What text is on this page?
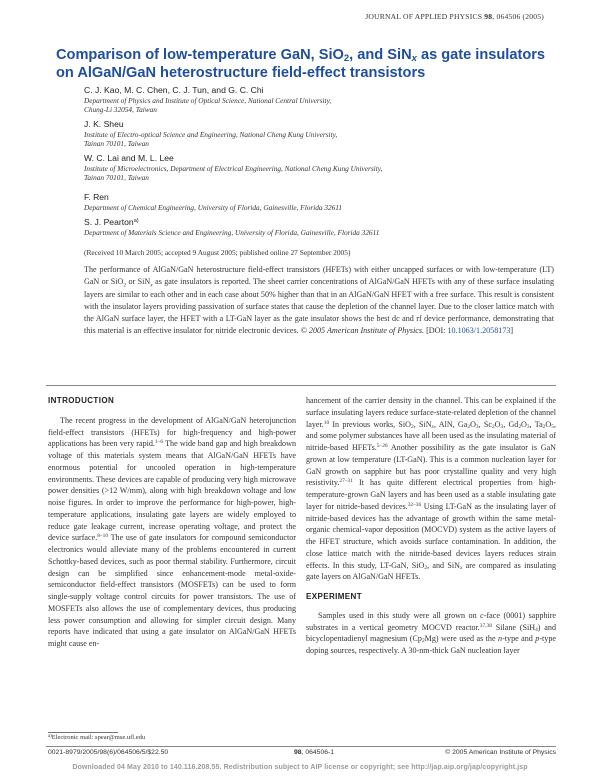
JOURNAL OF APPLIED PHYSICS 98, 064506 (2005)
Comparison of low-temperature GaN, SiO$_2$, and SiN$_x$ as gate insulators
on AlGaN/GaN heterostructure field-effect transistors
C. J. Kao, M. C. Chen, C. J. Tun, and G. C. Chi
Department of Physics and Institute of Optical Science, National Central University,
Chung-Li 32054, Taiwan
J. K. Sheu
Institute of Electro-optical Science and Engineering, National Cheng Kung University,
Tainan 70101, Taiwan
W. C. Lai and M. L. Lee
Institute of Microelectronics, Department of Electrical Engineering, National Cheng Kung University,
Tainan 70101, Taiwan
F. Ren
Department of Chemical Engineering, University of Florida, Gainesville, Florida 32611
S. J. Pearton$^{a)}$
Department of Materials Science and Engineering, University of Florida, Gainesville, Florida 32611
(Received 10 March 2005; accepted 9 August 2005; published online 27 September 2005)
The performance of AlGaN/GaN heterostructure field-effect transistors (HFETs) with either uncapped surfaces or with low-temperature (LT) GaN or SiO$_2$ or SiN$_x$ as gate insulators is reported. The sheet carrier concentrations of AlGaN/GaN HFETs with any of these surface insulating layers are similar to each other and in each case about 50% higher than that in an AlGaN/GaN HFET with a free surface. This result is consistent with the insulator layers providing passivation of surface states that cause the depletion of the channel layer. Due to the closer lattice match with the AlGaN surface layer, the HFET with a LT-GaN layer as the gate insulator shows the best dc and rf device performance, demonstrating that this material is an effective insulator for nitride electronic devices. © 2005 American Institute of Physics. [DOI: 10.1063/1.2058173]
INTRODUCTION

The recent progress in the development of AlGaN/GaN heterojunction field-effect transistors (HFETs) for high-frequency and high-power applications has been very rapid.$^{1-6}$ The wide band gap and high breakdown voltage of this materials system means that AlGaN/GaN HFETs have enormous potential for uncooled operation in high-temperature environments. These devices are capable of producing very high microwave power densities (>12 W/mm), along with high breakdown voltage and low noise figures. In order to improve the performance for high-power, high-temperature applications, insulating gate layers are widely employed to reduce gate leakage current, increase operating voltage, and protect the device surface.$^{8-10}$ The use of gate insulators for compound semiconductor electronics would alleviate many of the problems encountered in current Schottky-based devices, such as poor thermal stability. Furthermore, circuit design can be simplified since enhancement-mode metal-oxide-semiconductor field-effect transistors (MOSFETs) can be used to form single-supply voltage control circuits for power transistors. The use of MOSFETs also allows the use of complementary devices, thus producing less power consumption and allowing for simpler circuit design. Many reports have indicated that using a gate insulator on AlGaN/GaN HFETs might cause en-

hancement of the carrier density in the channel. This can be explained if the surface insulating layers reduce surface-state-related depletion of the channel layer.$^{10}$ In previous works, SiO$_2$, SiN$_x$, AlN, $Ga_2O_3$, $Sc_2O_3$, $Gd_2O_3$, $Ta_2O_5$, and some polymer substances have all been used as the insulating material of nitride-based HFETs.$^{5-26}$ Another possibility as the gate insulator is GaN grown at low temperature (LT-GaN). This is a common nucleation layer for GaN growth on sapphire but has poor crystalline quality and very high resistivity.$^{27-31}$ It has quite different electrical properties from high-temperature-grown GaN layers and has been used as a stable insulating gate layer for nitride-based devices.$^{32-36}$ Using LT-GaN as the insulating layer of nitride-based devices has the advantage of growth within the same metal-organic chemical-vapor deposition (MOCVD) system as the active layers of the HFET structure, which avoids surface contamination. In addition, the close lattice match with the nitride-based devices layers reduces strain effects. In this study, LT-GaN, SiO$_2$, and SiN$_x$ are compared as insulating gate layers on AlGaN/GaN HFETs.

EXPERIMENT

Samples used in this study were all grown on c-face (0001) sapphire substrates in a vertical geometry MOCVD reactor.$^{37,38}$ Silane (SiH$_4$) and bicyclopentadienyl magnesium $(Cp_2Mg)$ were used as the n-type and p-type doping sources, respectively. A 30-nm-thick GaN nucleation layer

$^{a)}$Electronic mail: spear@mse.ufl.edu
0021-8979/2005/98(6)/064506/5/$22.50	98, 064506-1	© 2005 American Institute of Physics
Downloaded 04 May 2010 to 140.116.208.55. Redistribution subject to AIP license or copyright; see http://jap.aip.org/jap/copyright.jsp
